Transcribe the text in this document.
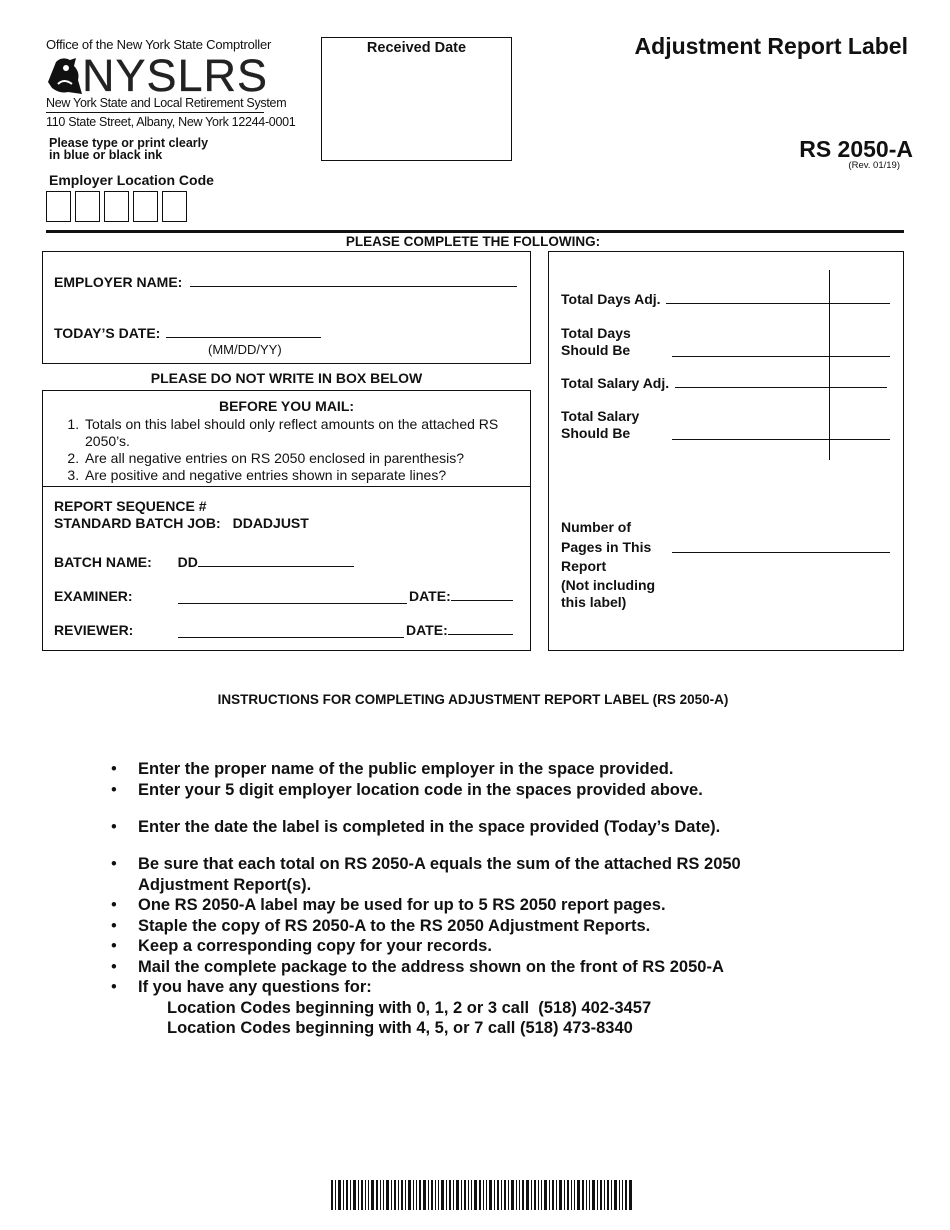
Office of the New York State Comptroller
NYSLRS
New York State and Local Retirement System
110 State Street, Albany, New York 12244-0001
Please type or print clearly
in blue or black ink
Employer Location Code
Received Date	Adjustment Report Label
RS 2050-A
(Rev. 01/19)
PLEASE COMPLETE THE FOLLOWING:
EMPLOYER NAME:
TODAY’S DATE:
(MM/DD/YY)
PLEASE DO NOT WRITE IN BOX BELOW
BEFORE YOU MAIL:
1. Totals on this label should only reflect amounts on the attached RS 2050’s.
2. Are all negative entries on RS 2050 enclosed in parenthesis?
3. Are positive and negative entries shown in separate lines?
REPORT SEQUENCE #
STANDARD BATCH JOB: DDADJUST
BATCH NAME: DD
EXAMINER:	DATE:
REVIEWER:	DATE:
Total Days Adj.
Total Days
Should Be
Total Salary Adj.
Total Salary
Should Be
Number of
Pages in This
Report
(Not including
this label)
INSTRUCTIONS FOR COMPLETING ADJUSTMENT REPORT LABEL (RS 2050-A)
• Enter the proper name of the public employer in the space provided.
• Enter your 5 digit employer location code in the spaces provided above.
• Enter the date the label is completed in the space provided (Today’s Date).
• Be sure that each total on RS 2050-A equals the sum of the attached RS 2050 Adjustment Report(s).
• One RS 2050-A label may be used for up to 5 RS 2050 report pages.
• Staple the copy of RS 2050-A to the RS 2050 Adjustment Reports.
• Keep a corresponding copy for your records.
• Mail the complete package to the address shown on the front of RS 2050-A
• If you have any questions for:
Location Codes beginning with 0, 1, 2 or 3 call  (518) 402-3457
Location Codes beginning with 4, 5, or 7 call (518) 473-8340
